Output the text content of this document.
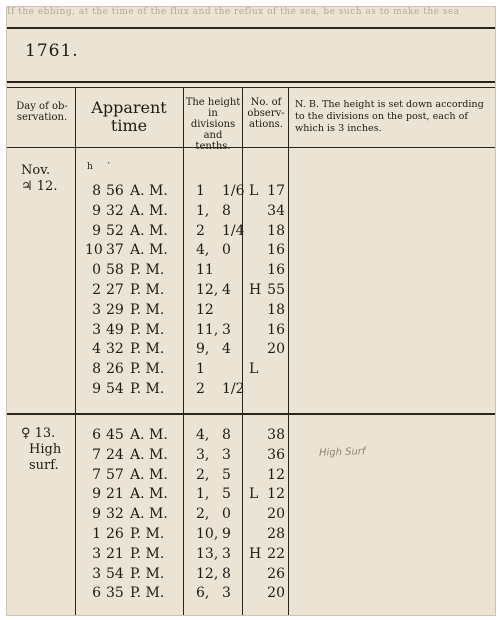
If the ebbing, at the time of the flux and the reflux of the sea, be such as to make the sea
1761.
Day of ob-servation.
Apparent time
The height in divisions and
No. of observ-ations.
N. B. The height is set down according to the divisions on the post, each of which is 3 inches.
h ′
Nov.
♃ 12.	8 56 A. M. 1 1/6 L 17
9 32 A. M. 1, 8	34
9 52 A. M. 2 1/4	18
10 37 A. M. 4, 0	16
0 58 P. M. 11	16
2 27 P. M. 12, 4 H 55
3 29 P. M. 12	18
3 49 P. M. 11, 3	16
4 32 P. M. 9, 4	20
8 26 P. M. 1	L
9 54 P. M. 2 1/2
♀ 13.
High
surf.
6 45 A. M. 4, 8	38
7 24 A. M. 3, 3	36
7 57 A. M. 2, 5	12
9 21 A. M. 1, 5 L 12
9 32 A. M. 2, 0	20
1 26 P. M. 10, 9	28
3 21 P. M. 13, 3 H 22
3 54 P. M. 12, 8	26
6 35 P. M. 6, 3	20
High Surf
